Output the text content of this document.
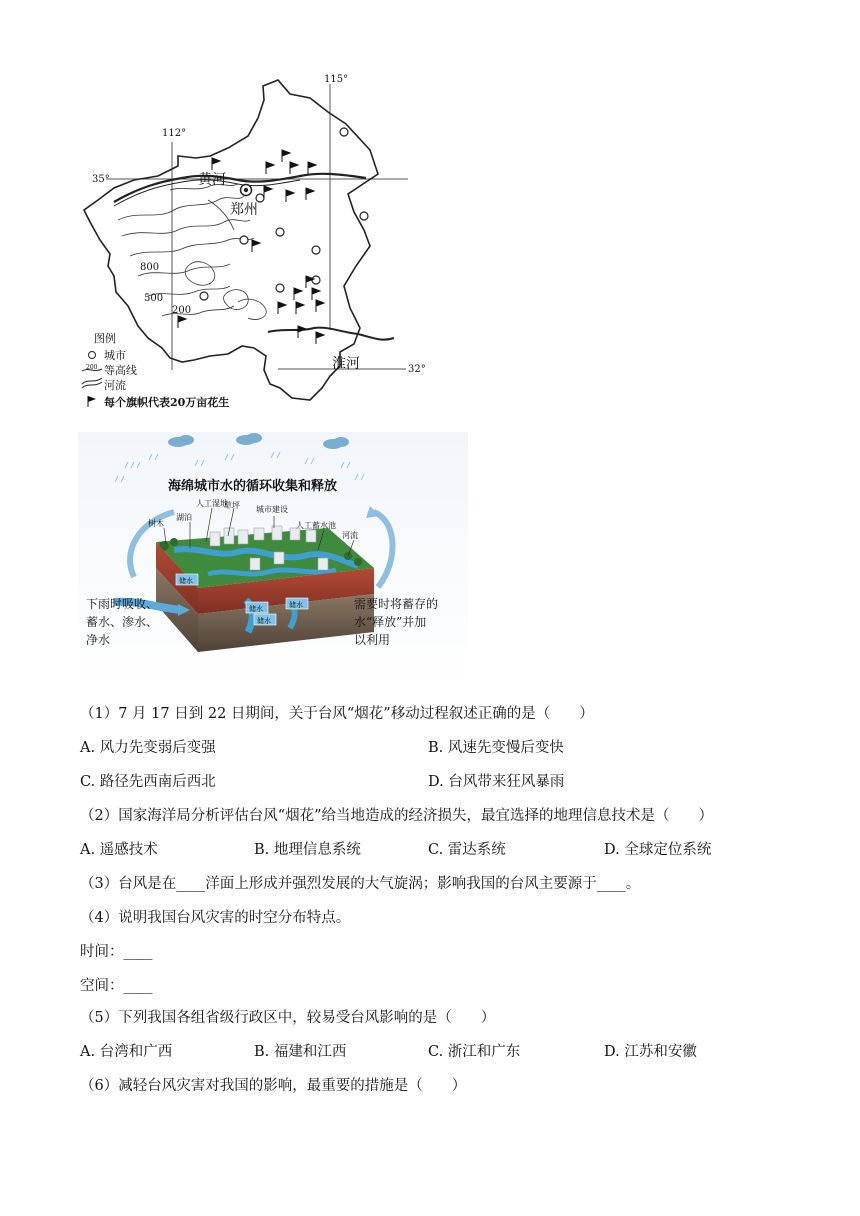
115°
112°
35°
32°
黄河
郑州
淮河
800
500
200
图例
城市
200 等高线
河流
每个旗帜代表20万亩花生
储水
储水	储水
储水
海绵城市水的循环收集和释放
人工湿地
草坪
湖泊
树木
城市建设
人工蓄水池
河流
下雨时吸收、
蓄水、渗水、
净水
需要时将蓄存的
水“释放”并加
以利用
（1）7 月 17 日到 22 日期间，关于台风“烟花”移动过程叙述正确的是（　　）
A. 风力先变弱后变强	B. 风速先变慢后变快
C. 路径先西南后西北	D. 台风带来狂风暴雨
（2）国家海洋局分析评估台风“烟花”给当地造成的经济损失，最宜选择的地理信息技术是（　　）
A. 遥感技术	B. 地理信息系统	C. 雷达系统	D. 全球定位系统
（3）台风是在____洋面上形成并强烈发展的大气旋涡；影响我国的台风主要源于____。
（4）说明我国台风灾害的时空分布特点。
时间：____
空间：____
（5）下列我国各组省级行政区中，较易受台风影响的是（　　）
A. 台湾和广西	B. 福建和江西	C. 浙江和广东	D. 江苏和安徽
（6）减轻台风灾害对我国的影响，最重要的措施是（　　）
